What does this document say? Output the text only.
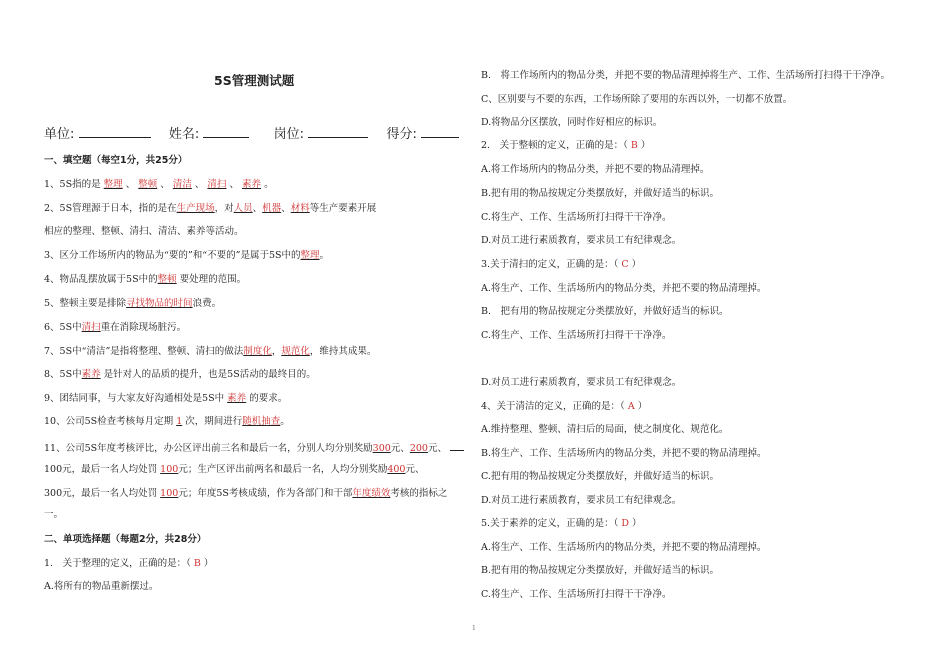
5S管理测试题
单位:	姓名:	岗位:	得分:
一、填空题（每空1分，共25分）
1、5S指的是 整理 、 整顿 、 清洁 、 清扫 、 素养 。
2、5S管理源于日本，指的是在生产现场，对人员、机器、材料等生产要素开展
相应的整理、整顿、清扫、清洁、素养等活动。
3、区分工作场所内的物品为“要的”和“不要的”是属于5S中的整理。
4、物品乱摆放属于5S中的整顿 要处理的范围。
5、整顿主要是排除寻找物品的时间浪费。
6、5S中清扫重在消除现场脏污。
7、5S中“清洁”是指将整理、整顿、清扫的做法制度化，规范化，维持其成果。
8、5S中素养 是针对人的品质的提升，也是5S活动的最终目的。
9、团结同事，与大家友好沟通相处是5S中 素养 的要求。
10、公司5S检查考核每月定期 1 次，期间进行随机抽查。
11、公司5S年度考核评比，办公区评出前三名和最后一名，分别人均分别奖励300元、200元、
100元，最后一名人均处罚 100元；生产区评出前两名和最后一名，人均分别奖励400元、
300元，最后一名人均处罚 100元；年度5S考核成绩，作为各部门和干部年度绩效考核的指标之
一。
二、单项选择题（每题2分，共28分）
1.　关于整理的定义，正确的是：（ B ）
A.将所有的物品重新摆过。
B.　将工作场所内的物品分类，并把不要的物品清理掉将生产、工作、生活场所打扫得干干净净。
C、区别要与不要的东西，工作场所除了要用的东西以外，一切都不放置。
D.将物品分区摆放，同时作好相应的标识。
2.　关于整顿的定义，正确的是：（ B ）
A.将工作场所内的物品分类，并把不要的物品清理掉。
B.把有用的物品按规定分类摆放好，并做好适当的标识。
C.将生产、工作、生活场所打扫得干干净净。
D.对员工进行素质教育，要求员工有纪律观念。
3.关于清扫的定义，正确的是：（ C ）
A.将生产、工作、生活场所内的物品分类，并把不要的物品清理掉。
B.　把有用的物品按规定分类摆放好，并做好适当的标识。
C.将生产、工作、生活场所打扫得干干净净。
D.对员工进行素质教育，要求员工有纪律观念。
4、关于清洁的定义，正确的是：（ A ）
A.维持整理、整顿、清扫后的局面，使之制度化、规范化。
B.将生产、工作、生活场所内的物品分类，并把不要的物品清理掉。
C.把有用的物品按规定分类摆放好，并做好适当的标识。
D.对员工进行素质教育，要求员工有纪律观念。
5.关于素养的定义，正确的是：（ D ）
A.将生产、工作、生活场所内的物品分类，并把不要的物品清理掉。
B.把有用的物品按规定分类摆放好，并做好适当的标识。
C.将生产、工作、生活场所打扫得干干净净。
1
